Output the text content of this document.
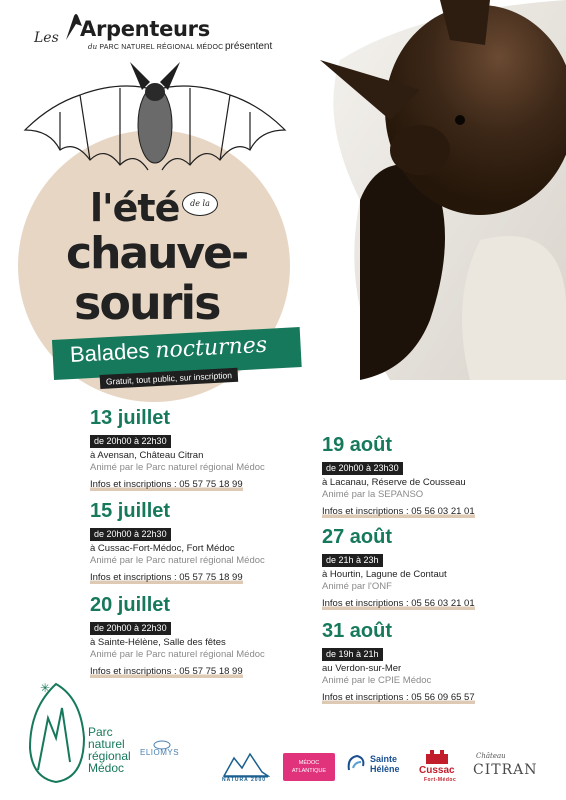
Les Arpenteurs
du PARC NATUREL RÉGIONAL MÉDOC présentent
l'été	de la
chauve-
souris
Balades nocturnes
Gratuit, tout public, sur inscription
13 juillet
de 20h00 à 22h30
à Avensan, Château Citran
Animé par le Parc naturel régional Médoc
Infos et inscriptions : 05 57 75 18 99
15 juillet
de 20h00 à 22h30
à Cussac-Fort-Médoc, Fort Médoc
Animé par le Parc naturel régional Médoc
Infos et inscriptions : 05 57 75 18 99
20 juillet
de 20h00 à 22h30
à Sainte-Hélène, Salle des fêtes
Animé par le Parc naturel régional Médoc
Infos et inscriptions : 05 57 75 18 99
19 août
de 20h00 à 23h30
à Lacanau, Réserve de Cousseau
Animé par la SEPANSO
Infos et inscriptions : 05 56 03 21 01
27 août
de 21h à 23h
à Hourtin, Lagune de Contaut
Animé par l'ONF
Infos et inscriptions : 05 56 03 21 01
31 août
de 19h à 21h
au Verdon-sur-Mer
Animé par le CPIE Médoc
Infos et inscriptions : 05 56 09 65 57
✳
Parc
naturel
régional
Médoc
ELIOMYS
NATURA 2000
MÉDOC
ATLANTIQUE
Sainte
Hélène Cussac
Fort-Médoc
Château
CITRAN
